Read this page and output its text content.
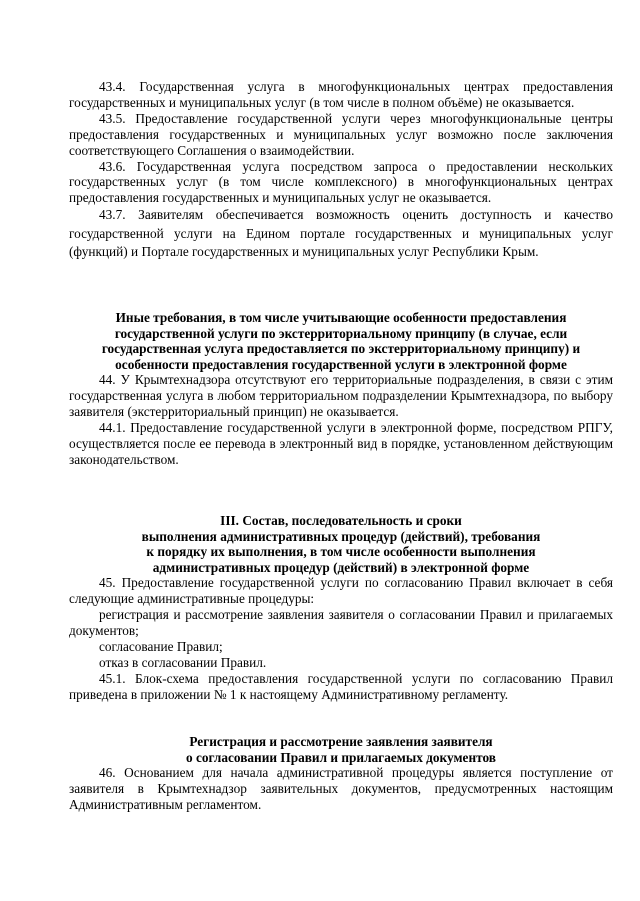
43.4. Государственная услуга в многофункциональных центрах предоставления государственных и муниципальных услуг (в том числе в полном объёме) не оказывается.

43.5. Предоставление государственной услуги через многофункциональные центры предоставления государственных и муниципальных услуг возможно после заключения соответствующего Соглашения о взаимодействии.

43.6. Государственная услуга посредством запроса о предоставлении нескольких государственных услуг (в том числе комплексного) в многофункциональных центрах предоставления государственных и муниципальных услуг не оказывается.

43.7. Заявителям обеспечивается возможность оценить доступность и качество государственной услуги на Едином портале государственных и муниципальных услуг (функций) и Портале государственных и муниципальных услуг Республики Крым.

Иные требования, в том числе учитывающие особенности предоставления
государственной услуги по экстерриториальному принципу (в случае, если
государственная услуга предоставляется по экстерриториальному принципу) и
особенности предоставления государственной услуги в электронной форме

44. У Крымтехнадзора отсутствуют его территориальные подразделения, в связи с этим государственная услуга в любом территориальном подразделении Крымтехнадзора, по выбору заявителя (экстерриториальный принцип) не оказывается.

44.1. Предоставление государственной услуги в электронной форме, посредством РПГУ, осуществляется после ее перевода в электронный вид в порядке, установленном действующим законодательством.

III. Состав, последовательность и сроки
выполнения административных процедур (действий), требования
к порядку их выполнения, в том числе особенности выполнения
административных процедур (действий) в электронной форме

45. Предоставление государственной услуги по согласованию Правил включает в себя следующие административные процедуры:

регистрация и рассмотрение заявления заявителя о согласовании Правил и прилагаемых документов;

согласование Правил;

отказ в согласовании Правил.

45.1. Блок-схема предоставления государственной услуги по согласованию Правил приведена в приложении № 1 к настоящему Административному регламенту.

Регистрация и рассмотрение заявления заявителя
о согласовании Правил и прилагаемых документов

46. Основанием для начала административной процедуры является поступление от заявителя в Крымтехнадзор заявительных документов, предусмотренных настоящим Административным регламентом.
